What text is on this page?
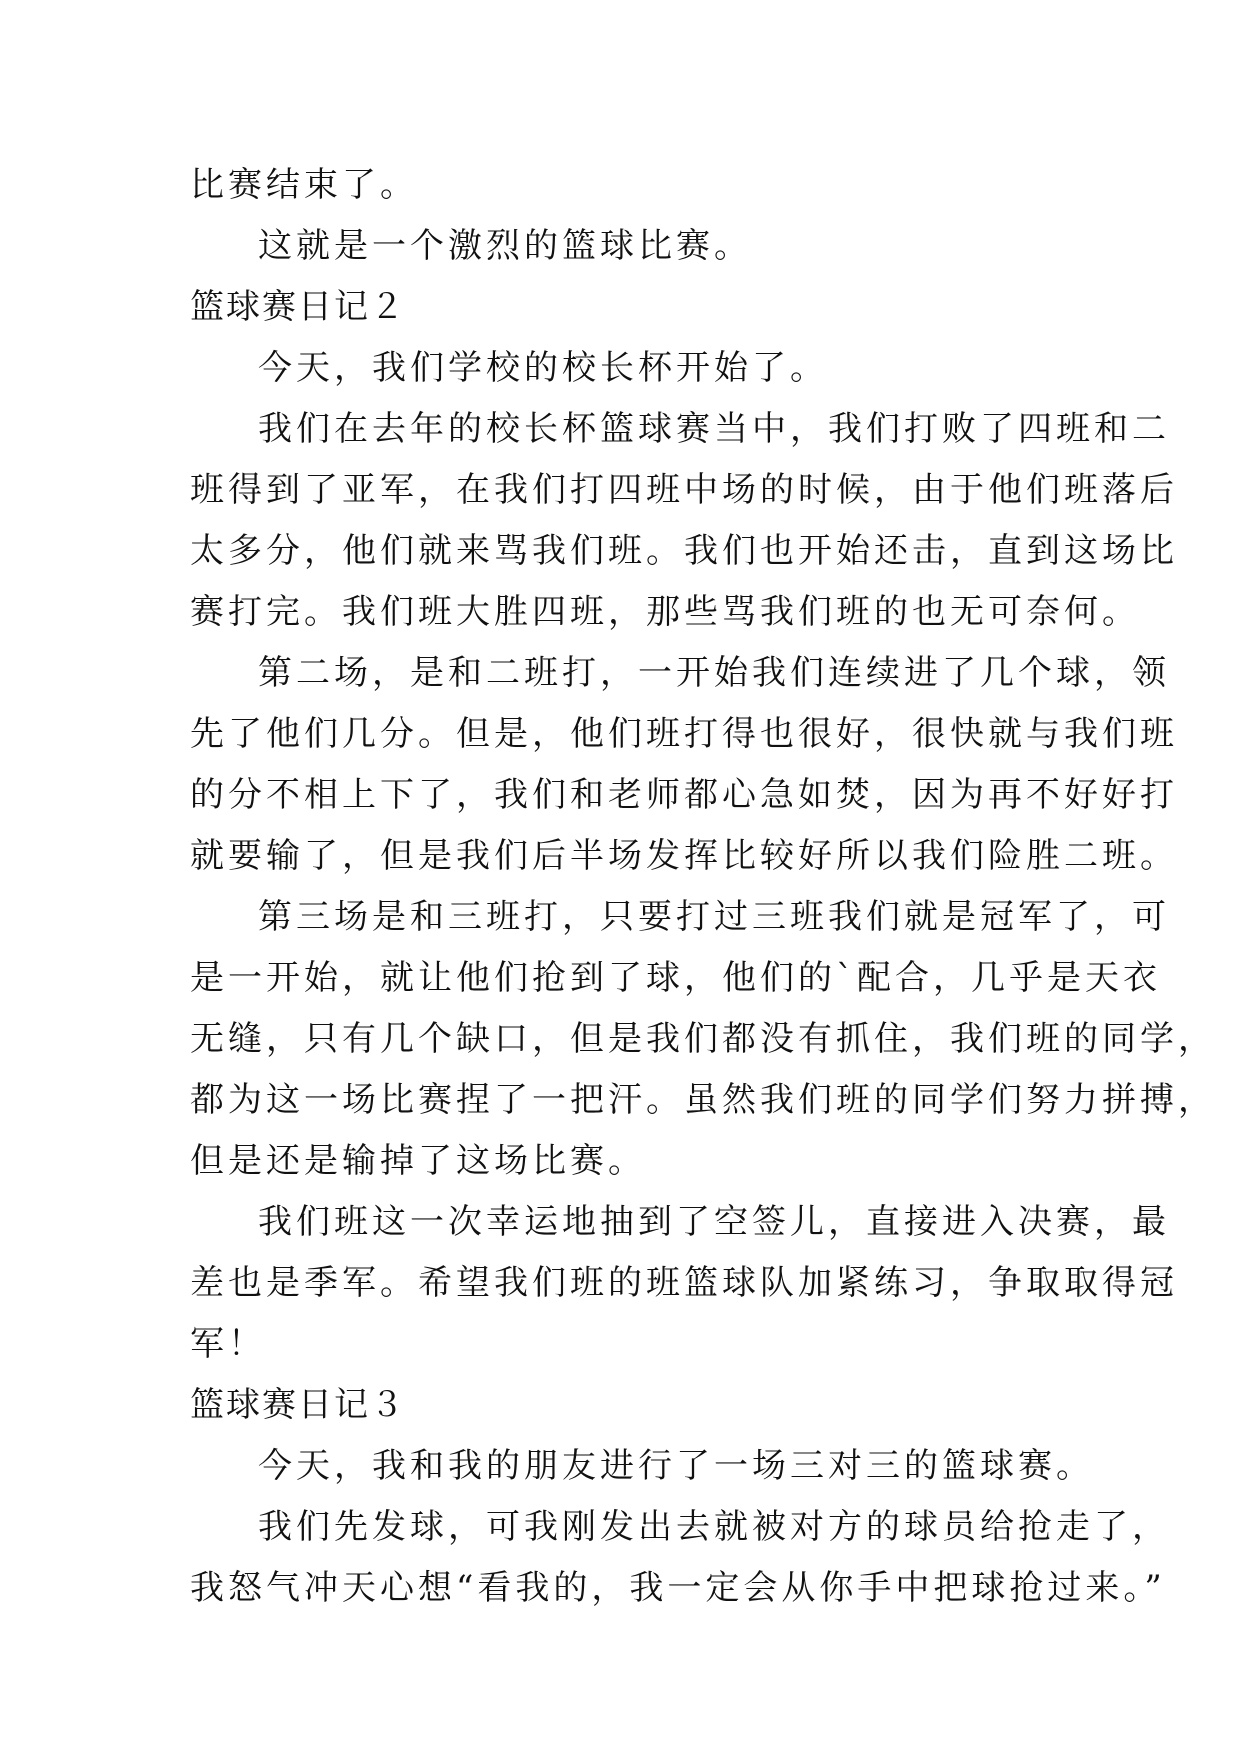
比赛结束了。
这就是一个激烈的篮球比赛。
篮球赛日记２
今天，我们学校的校长杯开始了。
我们在去年的校长杯篮球赛当中，我们打败了四班和二
班得到了亚军，在我们打四班中场的时候，由于他们班落后
太多分，他们就来骂我们班。我们也开始还击，直到这场比
赛打完。我们班大胜四班，那些骂我们班的也无可奈何。
第二场，是和二班打，一开始我们连续进了几个球，领
先了他们几分。但是，他们班打得也很好，很快就与我们班
的分不相上下了，我们和老师都心急如焚，因为再不好好打
就要输了，但是我们后半场发挥比较好所以我们险胜二班。
第三场是和三班打，只要打过三班我们就是冠军了，可
是一开始，就让他们抢到了球，他们的`配合，几乎是天衣
无缝，只有几个缺口，但是我们都没有抓住，我们班的同学，
都为这一场比赛捏了一把汗。虽然我们班的同学们努力拼搏，
但是还是输掉了这场比赛。
我们班这一次幸运地抽到了空签儿，直接进入决赛，最
差也是季军。希望我们班的班篮球队加紧练习，争取取得冠
军！
篮球赛日记３
今天，我和我的朋友进行了一场三对三的篮球赛。
我们先发球，可我刚发出去就被对方的球员给抢走了，
我怒气冲天心想“看我的，我一定会从你手中把球抢过来。”
